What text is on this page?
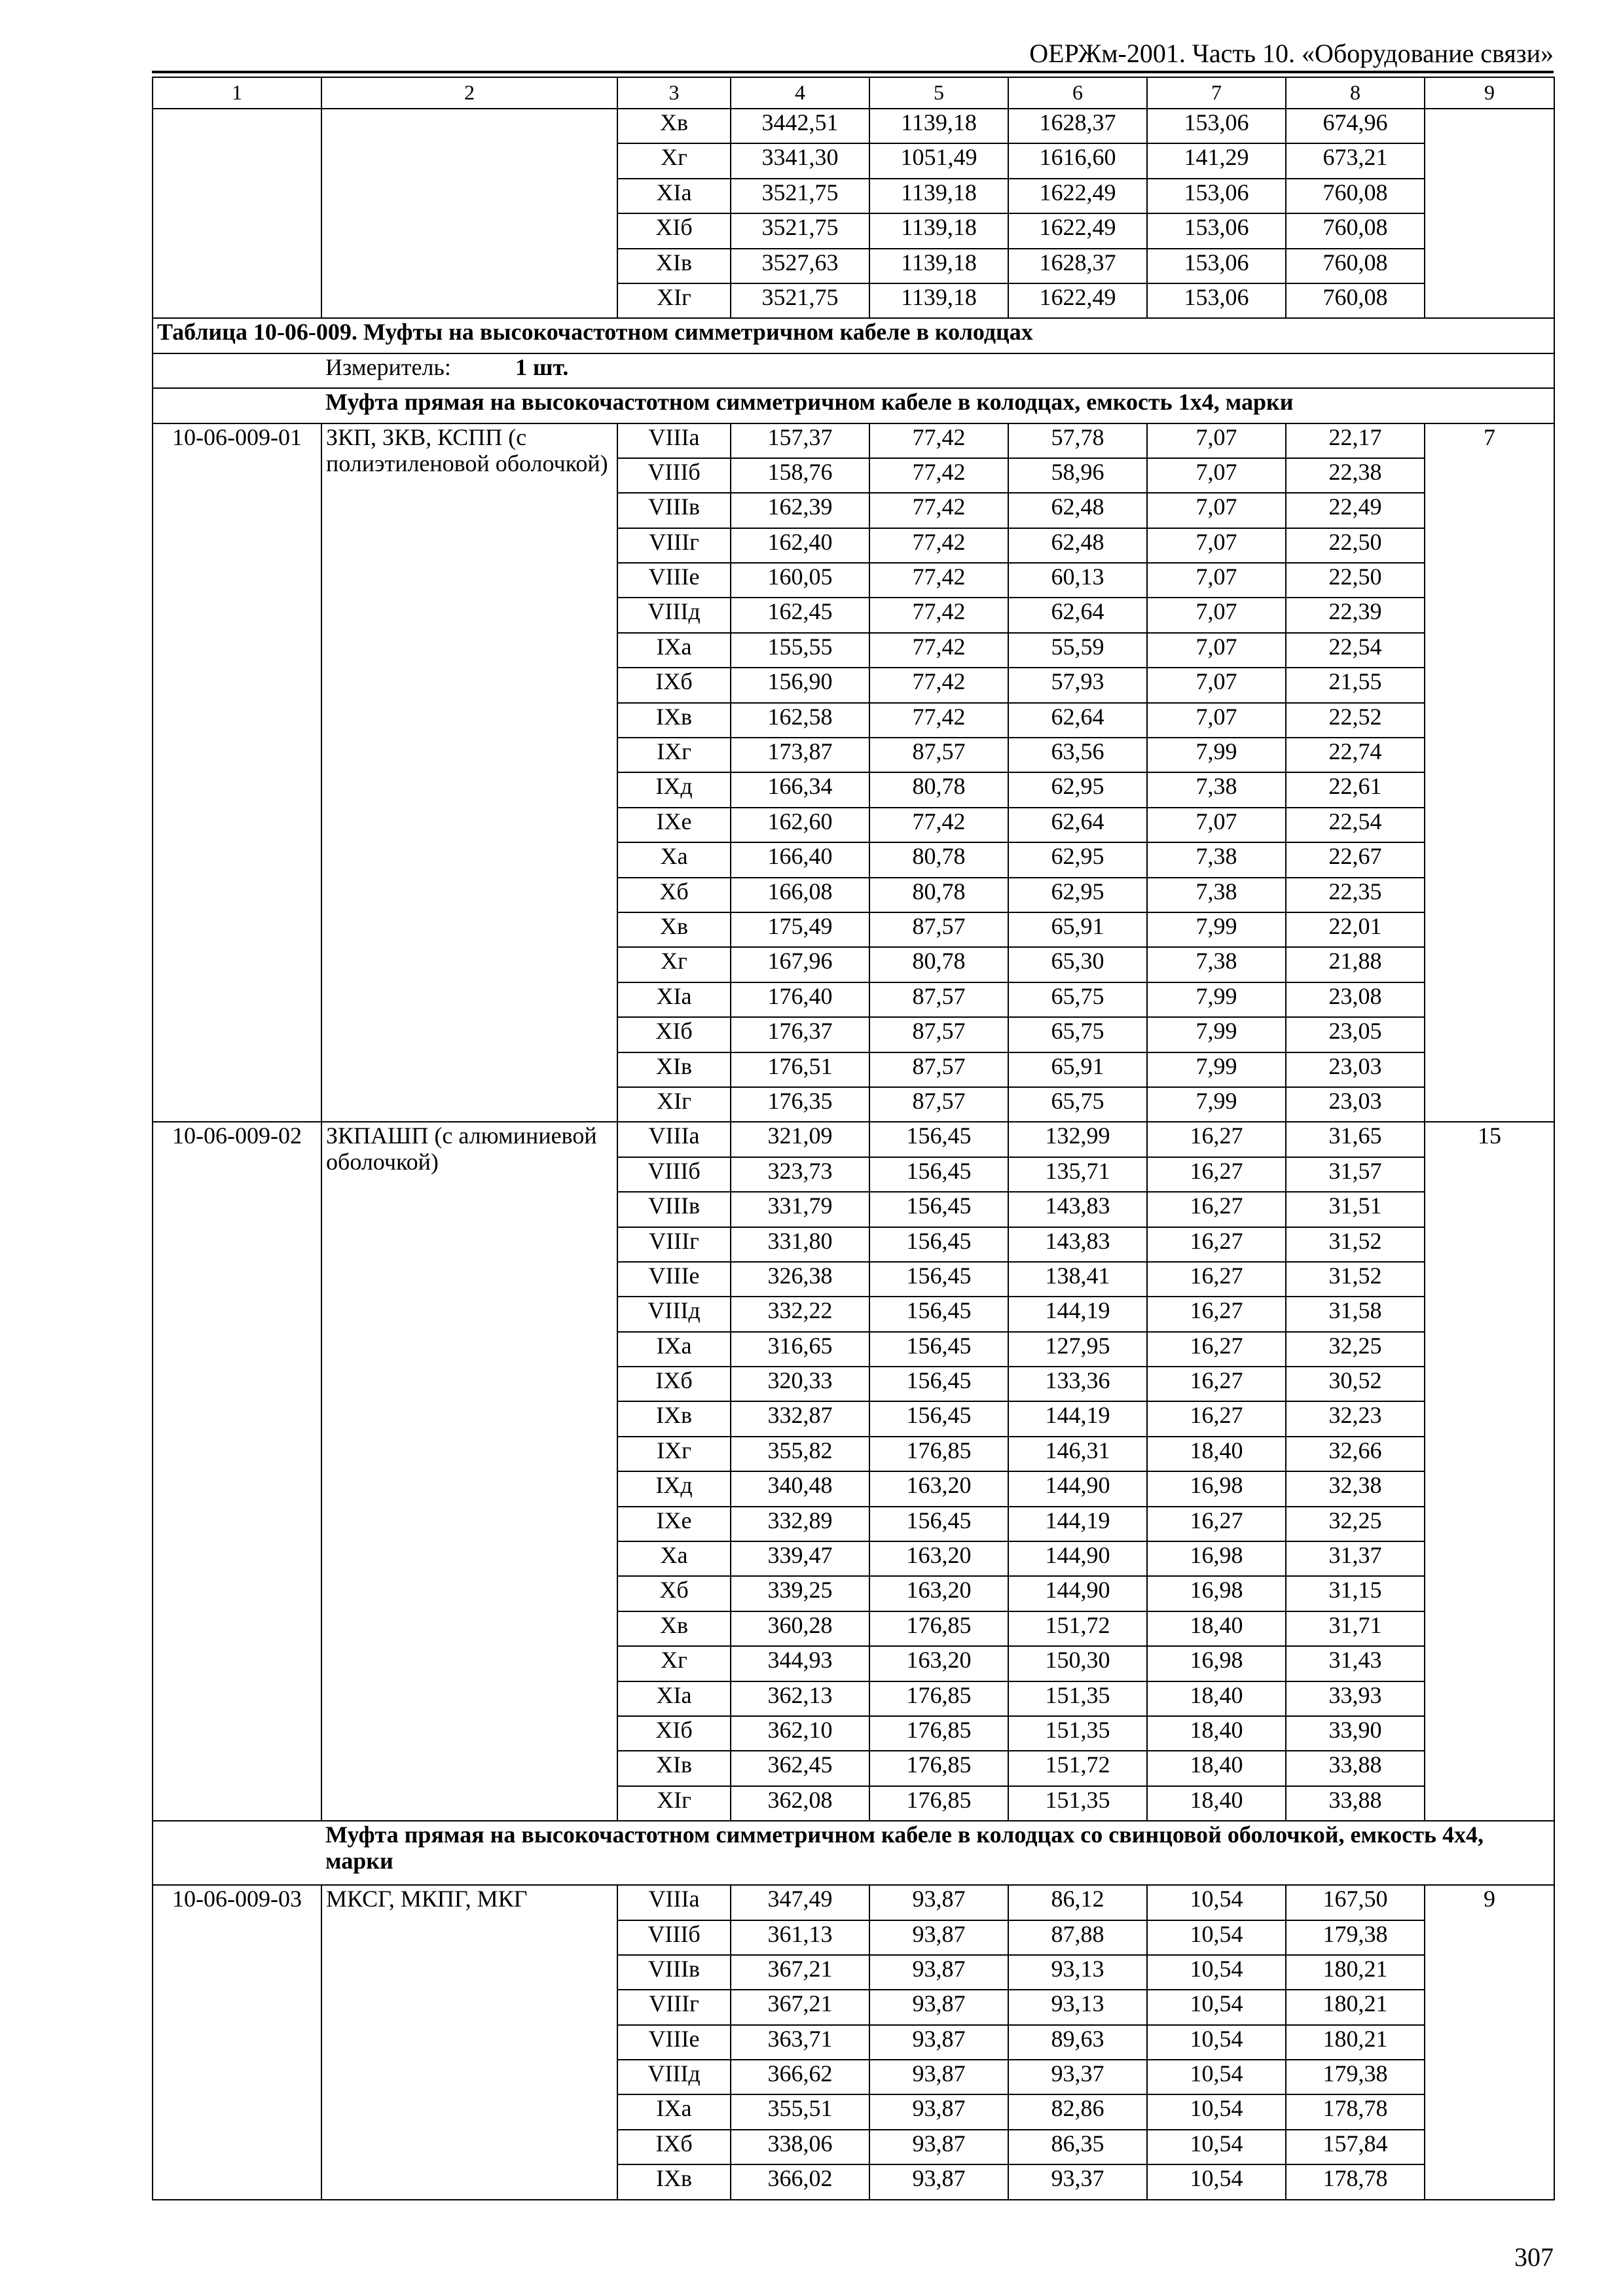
ОЕРЖм-2001. Часть 10. «Оборудование связи»
1	2	3	4	5	6	7	8	9
		Xв	3442,51	1139,18	1628,37	153,06	674,96	
		Xг	3341,30	1051,49	1616,60	141,29	673,21	
		XIа	3521,75	1139,18	1622,49	153,06	760,08	
		XIб	3521,75	1139,18	1622,49	153,06	760,08	
		XIв	3527,63	1139,18	1628,37	153,06	760,08	
		XIг	3521,75	1139,18	1622,49	153,06	760,08	
Таблица 10-06-009. Муфты на высокочастотном симметричном кабеле в колодцах								
	Измеритель: 1 шт.							
	Муфта прямая на высокочастотном симметричном кабеле в колодцах, емкость 1х4, марки							
10-06-009-01	ЗКП, ЗКВ, КСПП (с полиэтиленовой оболочкой)	VIIIа	157,37	77,42	57,78	7,07	22,17	7
		VIIIб	158,76	77,42	58,96	7,07	22,38	
		VIIIв	162,39	77,42	62,48	7,07	22,49	
		VIIIг	162,40	77,42	62,48	7,07	22,50	
		VIIIе	160,05	77,42	60,13	7,07	22,50	
		VIIIд	162,45	77,42	62,64	7,07	22,39	
		IXа	155,55	77,42	55,59	7,07	22,54	
		IXб	156,90	77,42	57,93	7,07	21,55	
		IXв	162,58	77,42	62,64	7,07	22,52	
		IXг	173,87	87,57	63,56	7,99	22,74	
		IXд	166,34	80,78	62,95	7,38	22,61	
		IXе	162,60	77,42	62,64	7,07	22,54	
		Xа	166,40	80,78	62,95	7,38	22,67	
		Xб	166,08	80,78	62,95	7,38	22,35	
		Xв	175,49	87,57	65,91	7,99	22,01	
		Xг	167,96	80,78	65,30	7,38	21,88	
		XIа	176,40	87,57	65,75	7,99	23,08	
		XIб	176,37	87,57	65,75	7,99	23,05	
		XIв	176,51	87,57	65,91	7,99	23,03	
		XIг	176,35	87,57	65,75	7,99	23,03	
10-06-009-02	ЗКПАШП (с алюминиевой оболочкой)	VIIIа	321,09	156,45	132,99	16,27	31,65	15
		VIIIб	323,73	156,45	135,71	16,27	31,57	
		VIIIв	331,79	156,45	143,83	16,27	31,51	
		VIIIг	331,80	156,45	143,83	16,27	31,52	
		VIIIе	326,38	156,45	138,41	16,27	31,52	
		VIIIд	332,22	156,45	144,19	16,27	31,58	
		IXа	316,65	156,45	127,95	16,27	32,25	
		IXб	320,33	156,45	133,36	16,27	30,52	
		IXв	332,87	156,45	144,19	16,27	32,23	
		IXг	355,82	176,85	146,31	18,40	32,66	
		IXд	340,48	163,20	144,90	16,98	32,38	
		IXе	332,89	156,45	144,19	16,27	32,25	
		Xа	339,47	163,20	144,90	16,98	31,37	
		Xб	339,25	163,20	144,90	16,98	31,15	
		Xв	360,28	176,85	151,72	18,40	31,71	
		Xг	344,93	163,20	150,30	16,98	31,43	
		XIа	362,13	176,85	151,35	18,40	33,93	
		XIб	362,10	176,85	151,35	18,40	33,90	
		XIв	362,45	176,85	151,72	18,40	33,88	
		XIг	362,08	176,85	151,35	18,40	33,88	
	Муфта прямая на высокочастотном симметричном кабеле в колодцах со свинцовой оболочкой, емкость 4х4, марки							
10-06-009-03	МКСГ, МКПГ, МКГ	VIIIа	347,49	93,87	86,12	10,54	167,50	9
		VIIIб	361,13	93,87	87,88	10,54	179,38	
		VIIIв	367,21	93,87	93,13	10,54	180,21	
		VIIIг	367,21	93,87	93,13	10,54	180,21	
		VIIIе	363,71	93,87	89,63	10,54	180,21	
		VIIIд	366,62	93,87	93,37	10,54	179,38	
		IXа	355,51	93,87	82,86	10,54	178,78	
		IXб	338,06	93,87	86,35	10,54	157,84	
		IXв	366,02	93,87	93,37	10,54	178,78	
307
